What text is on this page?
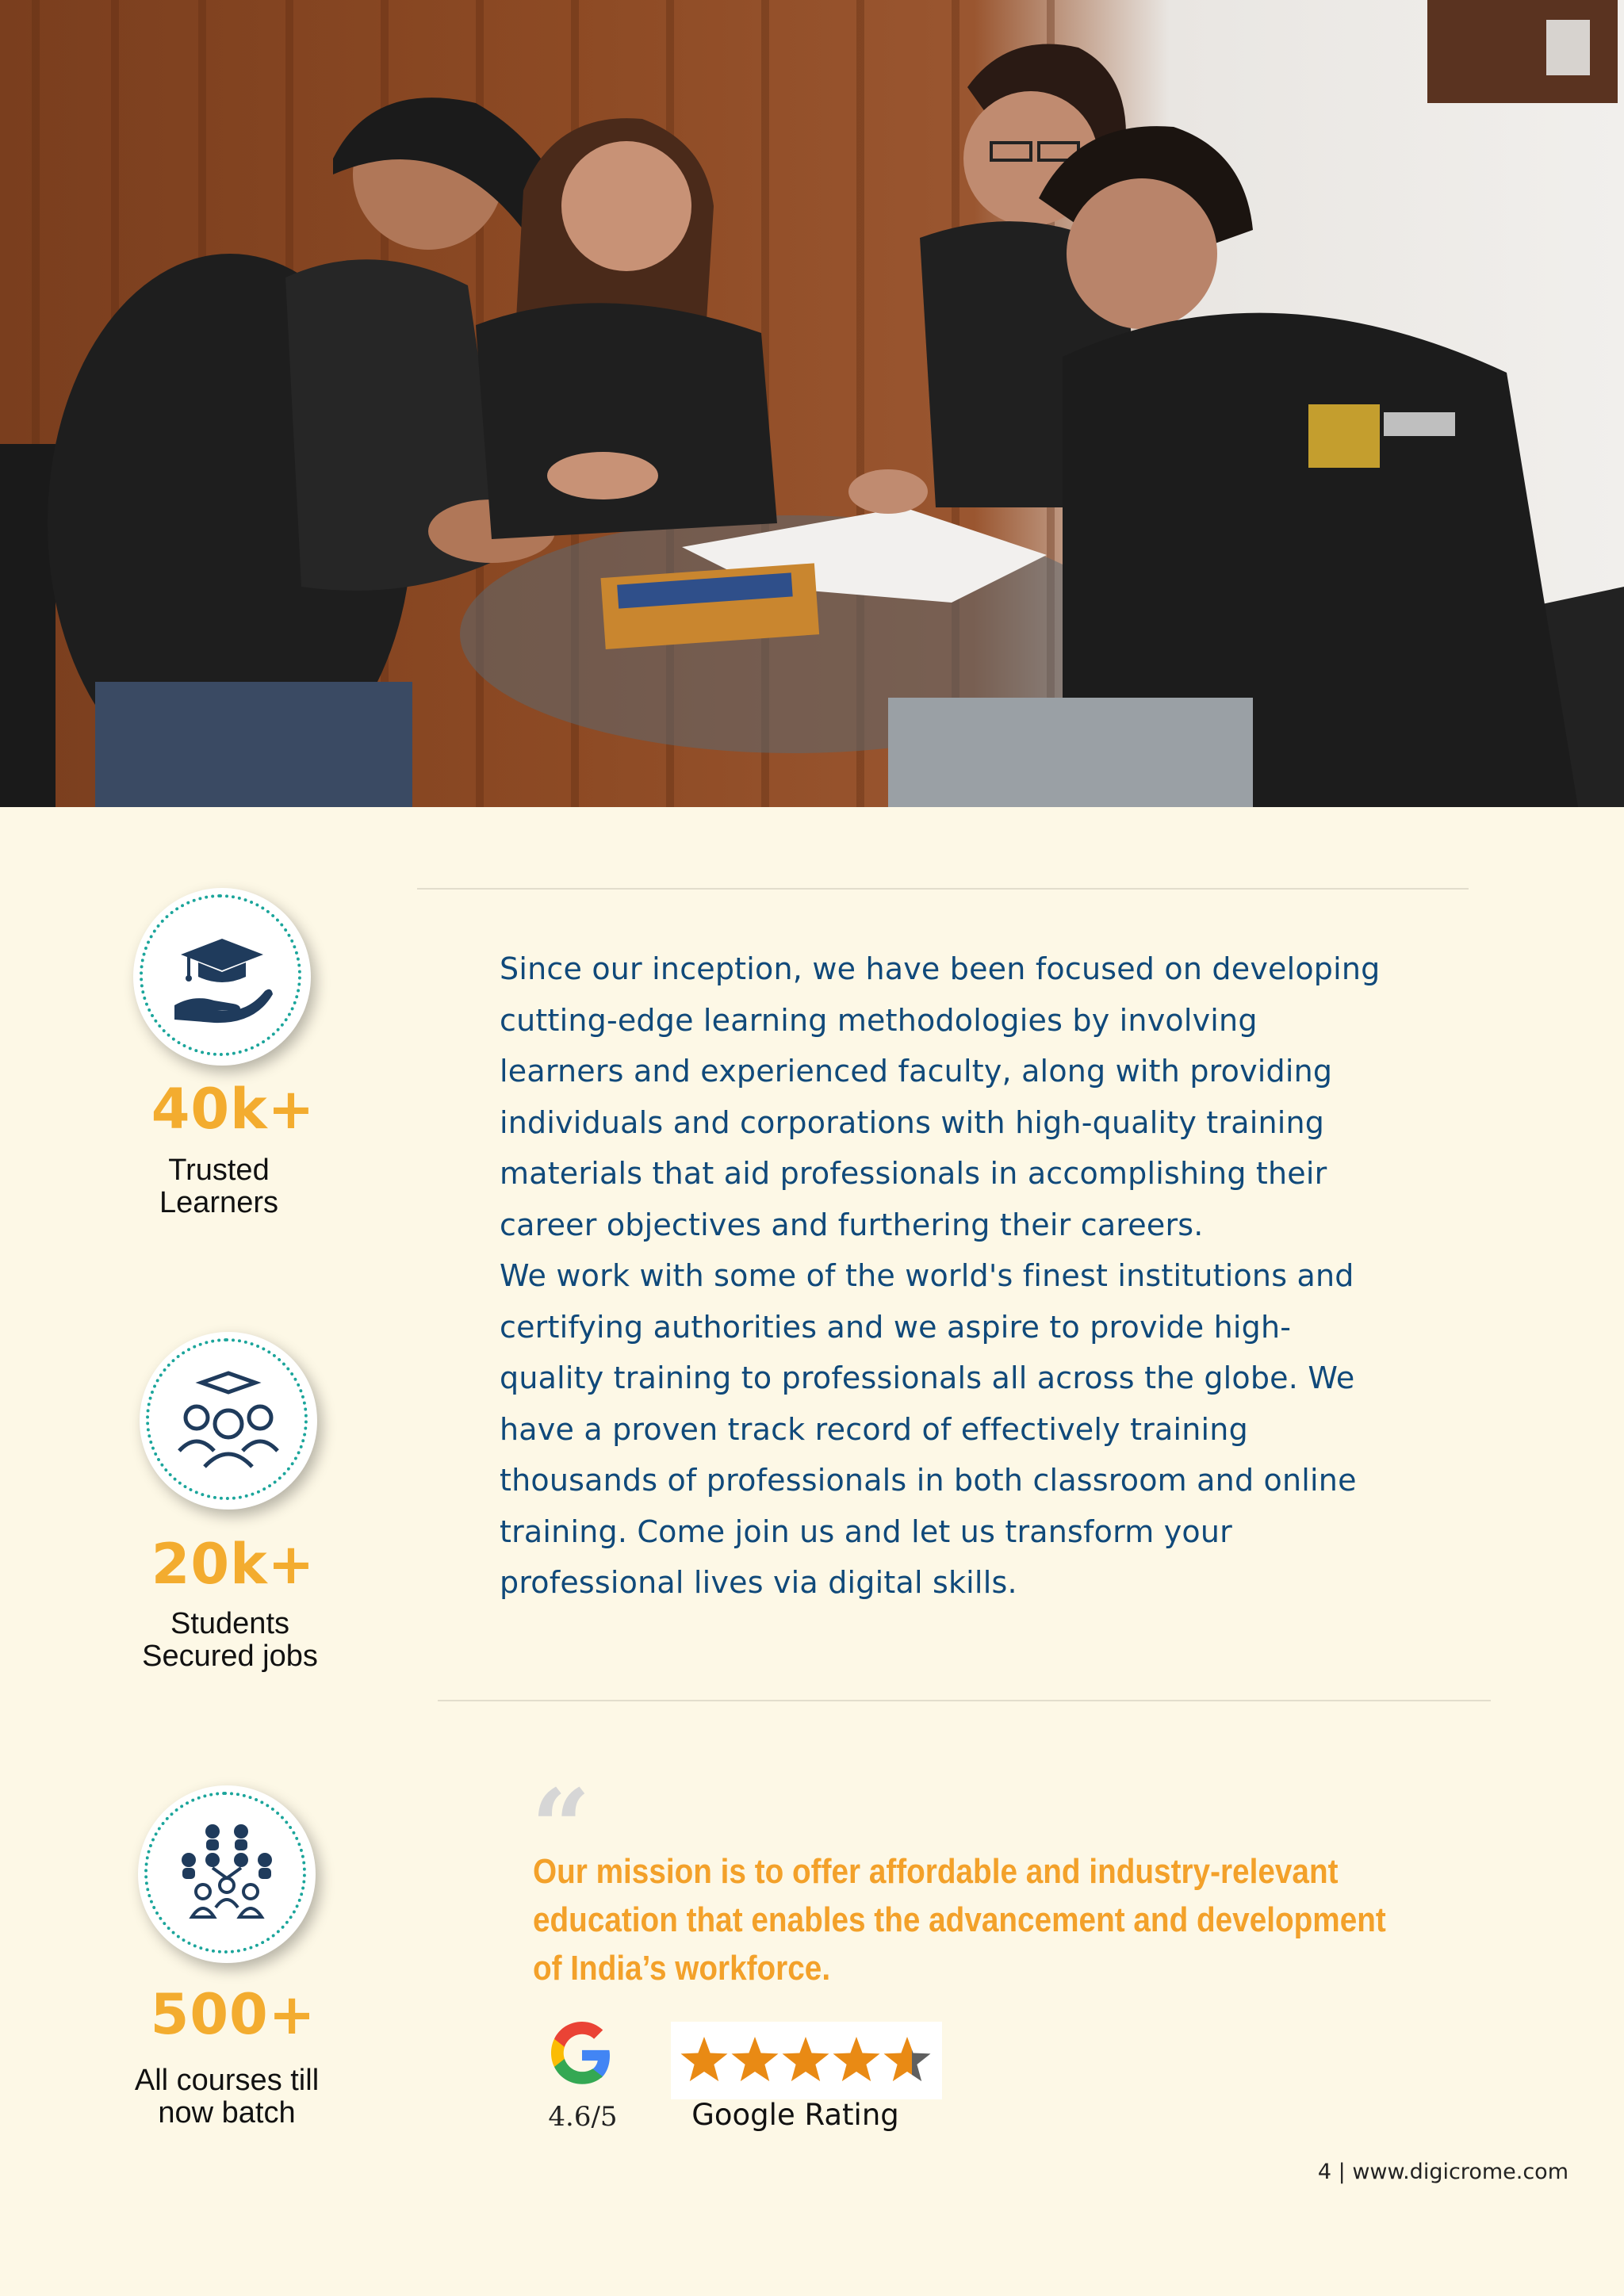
40k+
Trusted
Learners
20k+
Students
Secured jobs
500+
All courses till
now batch

Since our inception, we have been focused on developing

cutting-edge learning methodologies by involving

learners and experienced faculty, along with providing

individuals and corporations with high-quality training

materials that aid professionals in accomplishing their

career objectives and furthering their careers.

We work with some of the world's finest institutions and

certifying authorities and we aspire to provide high-

quality training to professionals all across the globe. We

have a proven track record of effectively training

thousands of professionals in both classroom and online

training. Come join us and let us transform your

professional lives via digital skills.

“
Our mission is to offer affordable and industry-relevant
education that enables the advancement and development
of India’s workforce.
4.6/5	Google Rating
4 | www.digicrome.com
